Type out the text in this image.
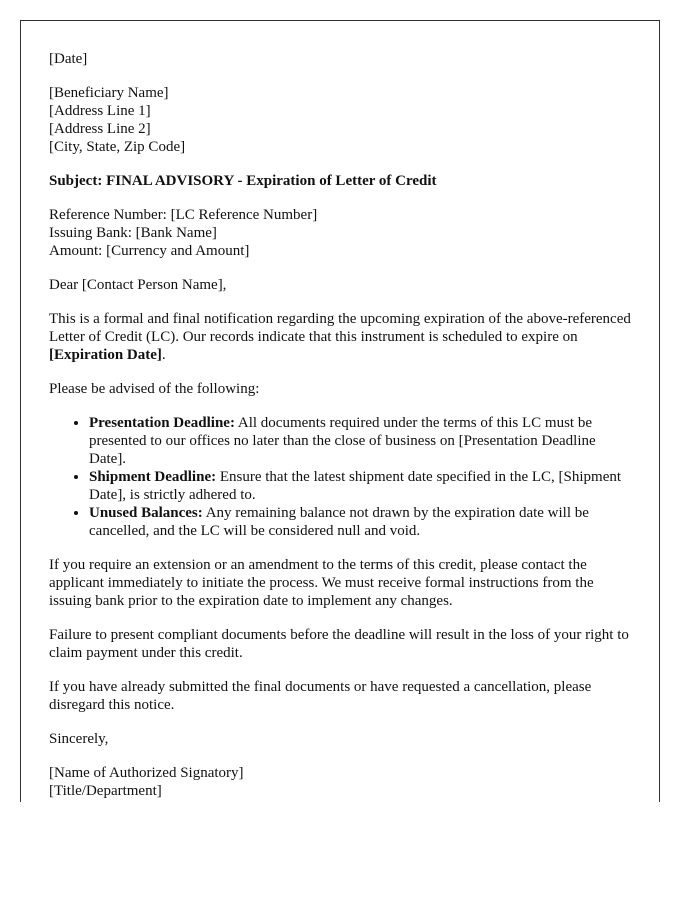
[Date]

[Beneficiary Name]
[Address Line 1]
[Address Line 2]
[City, State, Zip Code]

Subject: FINAL ADVISORY - Expiration of Letter of Credit

Reference Number: [LC Reference Number]
Issuing Bank: [Bank Name]
Amount: [Currency and Amount]

Dear [Contact Person Name],

This is a formal and final notification regarding the upcoming expiration of the above-referenced Letter of Credit (LC). Our records indicate that this instrument is scheduled to expire on [Expiration Date].

Please be advised of the following:

• Presentation Deadline: All documents required under the terms of this LC must be presented to our offices no later than the close of business on [Presentation Deadline Date].
• Shipment Deadline: Ensure that the latest shipment date specified in the LC, [Shipment Date], is strictly adhered to.
• Unused Balances: Any remaining balance not drawn by the expiration date will be cancelled, and the LC will be considered null and void.

If you require an extension or an amendment to the terms of this credit, please contact the applicant immediately to initiate the process. We must receive formal instructions from the issuing bank prior to the expiration date to implement any changes.

Failure to present compliant documents before the deadline will result in the loss of your right to claim payment under this credit.

If you have already submitted the final documents or have requested a cancellation, please disregard this notice.

Sincerely,

[Name of Authorized Signatory]
[Title/Department]
